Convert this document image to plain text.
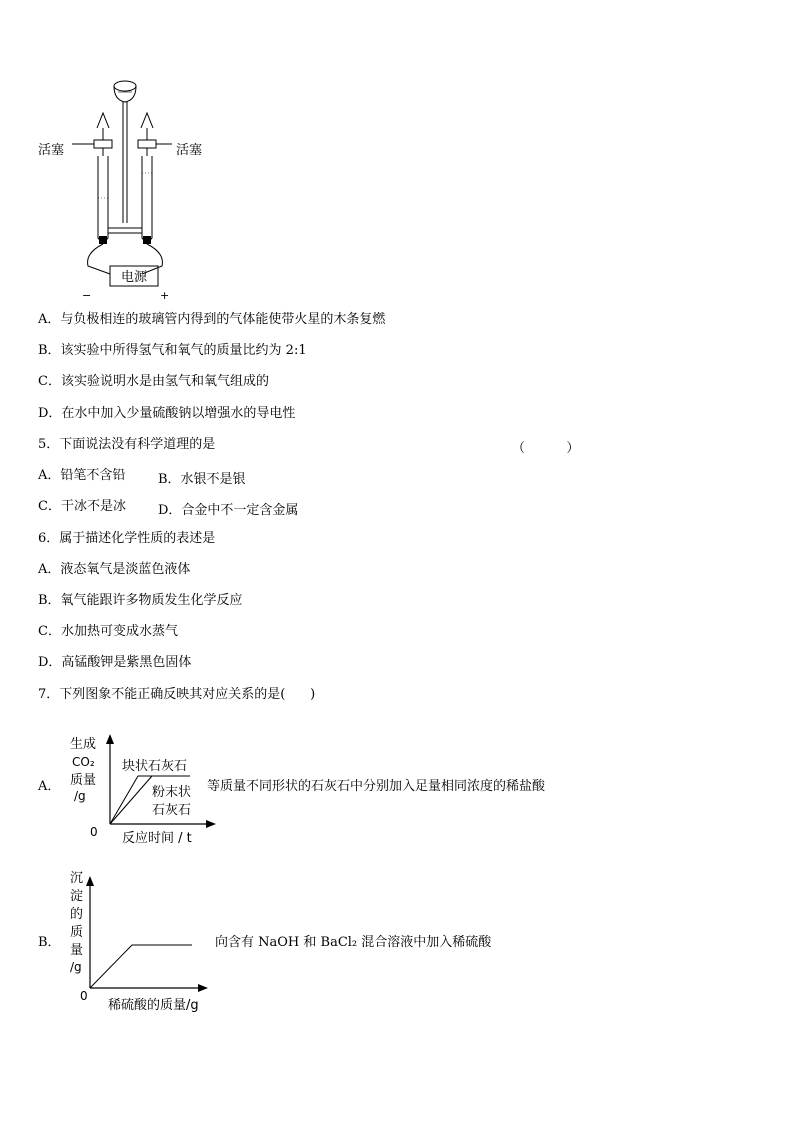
电源
−	+
活塞	活塞
A．与负极相连的玻璃管内得到的气体能使带火星的木条复燃
B．该实验中所得氢气和氧气的质量比约为 2:1
C．该实验说明水是由氢气和氧气组成的
D．在水中加入少量硫酸钠以增强水的导电性
5．下面说法没有科学道理的是	（          ）
A．铅笔不含铅	B．水银不是银
C．干冰不是冰 D．合金中不一定含金属
6．属于描述化学性质的表述是
A．液态氧气是淡蓝色液体
B．氧气能跟许多物质发生化学反应
C．水加热可变成水蒸气
D．高锰酸钾是紫黑色固体
7．下列图象不能正确反映其对应关系的是(      )
A．
生成
CO₂
质量
/g
块状石灰石
粉末状
石灰石
0 反应时间 / t
等质量不同形状的石灰石中分别加入足量相同浓度的稀盐酸
B．
沉
淀
的
质
量
/g
0
稀硫酸的质量/g
向含有 NaOH 和 BaCl₂ 混合溶液中加入稀硫酸
